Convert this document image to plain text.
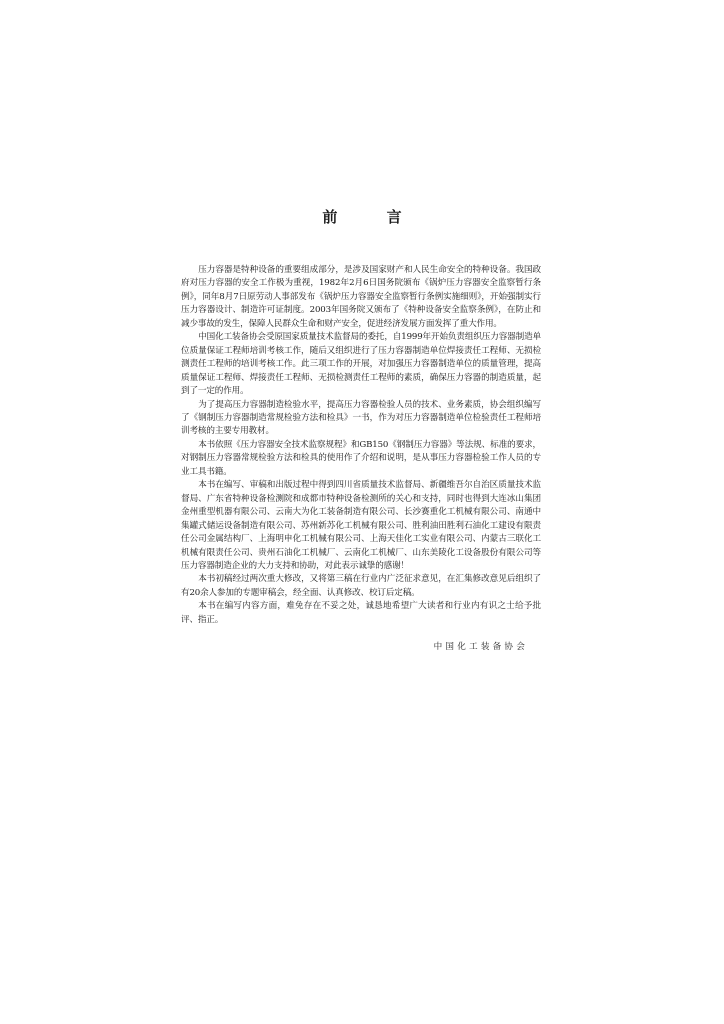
前 言

压力容器是特种设备的重要组成部分，是涉及国家财产和人民生命安全的特种设备。我国政府对压力容器的安全工作极为重视，1982年2月6日国务院颁布《锅炉压力容器安全监察暂行条例》，同年8月7日原劳动人事部发布《锅炉压力容器安全监察暂行条例实施细则》，开始强制实行压力容器设计、制造许可证制度。2003年国务院又颁布了《特种设备安全监察条例》，在防止和减少事故的发生，保障人民群众生命和财产安全，促进经济发展方面发挥了重大作用。

中国化工装备协会受原国家质量技术监督局的委托，自1999年开始负责组织压力容器制造单位质量保证工程师培训考核工作，随后又组织进行了压力容器制造单位焊接责任工程师、无损检测责任工程师的培训考核工作。此三项工作的开展，对加强压力容器制造单位的质量管理，提高质量保证工程师、焊接责任工程师、无损检测责任工程师的素质，确保压力容器的制造质量，起到了一定的作用。

为了提高压力容器制造检验水平，提高压力容器检验人员的技术、业务素质，协会组织编写了《钢制压力容器制造常规检验方法和检具》一书，作为对压力容器制造单位检验责任工程师培训考核的主要专用教材。

本书依照《压力容器安全技术监察规程》和GB150《钢制压力容器》等法规、标准的要求，对钢制压力容器常规检验方法和检具的使用作了介绍和说明，是从事压力容器检验工作人员的专业工具书籍。

本书在编写、审稿和出版过程中得到四川省质量技术监督局、新疆维吾尔自治区质量技术监督局、广东省特种设备检测院和成都市特种设备检测所的关心和支持，同时也得到大连冰山集团金州重型机器有限公司、云南大为化工装备制造有限公司、长沙赛重化工机械有限公司、南通中集罐式储运设备制造有限公司、苏州新苏化工机械有限公司、胜利油田胜利石油化工建设有限责任公司金属结构厂、上海明申化工机械有限公司、上海天佳化工实业有限公司、内蒙古三联化工机械有限责任公司、贵州石油化工机械厂、云南化工机械厂、山东美陵化工设备股份有限公司等压力容器制造企业的大力支持和协助，对此表示诚挚的感谢！

本书初稿经过两次重大修改，又将第三稿在行业内广泛征求意见，在汇集修改意见后组织了有20余人参加的专题审稿会，经全面、认真修改、校订后定稿。

本书在编写内容方面，难免存在不妥之处，诚恳地希望广大读者和行业内有识之士给予批评、指正。

中国化工装备协会
